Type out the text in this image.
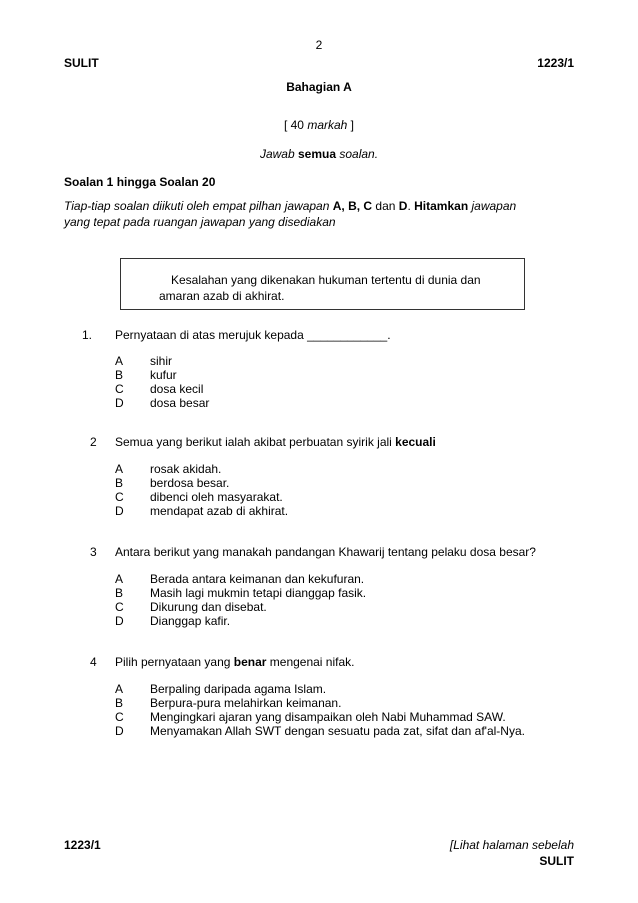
2
SULIT	1223/1
Bahagian A
[ 40 markah ]
Jawab semua soalan.
Soalan 1 hingga Soalan 20
Tiap-tiap soalan diikuti oleh empat pilhan jawapan A, B, C dan D. Hitamkan jawapan
yang tepat pada ruangan jawapan yang disediakan
Kesalahan yang dikenakan hukuman tertentu di dunia dan
amaran azab di akhirat.
1. Pernyataan di atas merujuk kepada ____________.
A	sihir
B	kufur
C	dosa kecil
D	dosa besar
2 Semua yang berikut ialah akibat perbuatan syirik jali kecuali
A	rosak akidah.
B	berdosa besar.
C	dibenci oleh masyarakat.
D	mendapat azab di akhirat.
3 Antara berikut yang manakah pandangan Khawarij tentang pelaku dosa besar?
A	Berada antara keimanan dan kekufuran.
B	Masih lagi mukmin tetapi dianggap fasik.
C	Dikurung dan disebat.
D	Dianggap kafir.
4 Pilih pernyataan yang benar mengenai nifak.
A	Berpaling daripada agama Islam.
B	Berpura-pura melahirkan keimanan.
C	Mengingkari ajaran yang disampaikan oleh Nabi Muhammad SAW.
D	Menyamakan Allah SWT dengan sesuatu pada zat, sifat dan af'al-Nya.
1223/1	[Lihat halaman sebelah
SULIT
